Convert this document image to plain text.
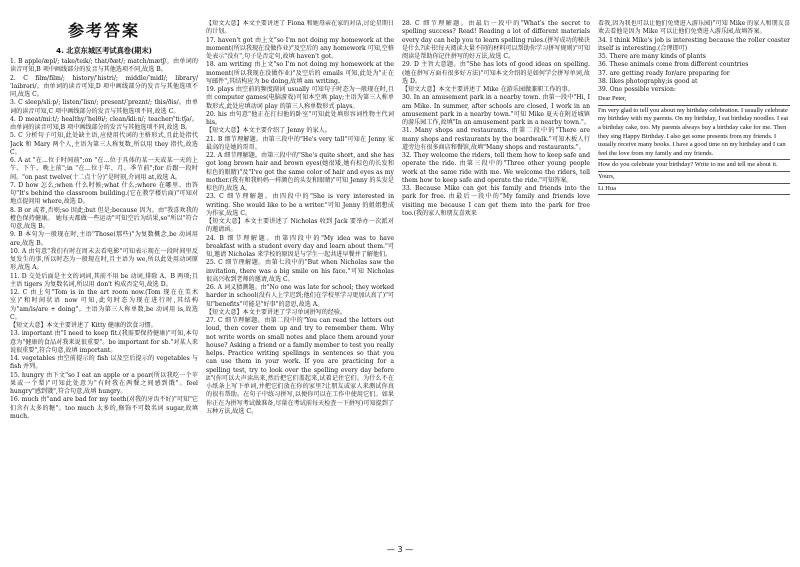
参考答案
4. 北京东城区考试真卷(期末)

1. B apple/æpl/; take/teik/; that/ðæt/; match/mætʃ/。由单词的读音可知,B 项中画线部分的发音与其他选项不同,故选 B。

2. C film/film/; history/ˈhistri/; middle/ˈmidl/; library/ˈlaibrəri/。由单词的读音可知,D 项中画线部分的发音与其他选项不同,故选 C。

3. C sleep/sliːp/; listen/ˈlisn/; present/ˈpreznt/; this/ðis/。由单词的读音可知,C 项中画线部分的发音与其他选项不同,故选 C。

4. D meat/miːt/; healthy/ˈhelθi/; clean/kliːn/; teacher/ˈtiːtʃə/。由单词的读音可知,B 项中画线部分的发音与其他选项不同,故选 B。

5. C 分析句子可知,此处缺主语,应使用代词的主格形式,且此处指代 Jack 和 Mary 两个人,主语为第三人称复数,所以用 they 指代,故选 C。

6. A at "在...位于时间前";on "在...位于具体的某一天或某一天的上午、下午、晚上前";in "在...位于年、月、季节前";for 后跟一段时间。"on past twelve(十二点十分)"是时刻,介词用 at,故选 A。

7. D how 怎么;when 什么时候;what 什么;where 在哪里。由答句"It's behind the classroom building.(它在教学楼后面)"可知对地点提问用 where,故选 D。

8. B or 或者,否则;so 因此;but 但是;because 因为。由"我喜欢我的橙色保持健康。 她每天都做一些运动"可知空后为结果,so"所以"符合句意,故选 B。

9. B 本句为一般现在时,主语"Those(那些)"为复数概念,be 动词用 are,故选 B。

10. A 由句意"我们有时在周末去看电影"可知表示现在一段时间里反复发生的事,所以时态为一般现在时,且主语为 we,所以此处用动词原形,故选 A。

11. D 交处后面是主文的词词,其前不用 be 动词,排除 A、B 两项;且主语 tigers 为复数名词,所以用 don't 构成否定句,故选 D。

12. C 由上句"Tom is in the art room now.(Tom 现在在美术室)"和时间状语 now 可知,此句时态为现在进行时,其结构为"am/is/are + doing"。主语为第三人称单数,be 动词用 is,故选 C。

【短文大意】本文主要讲述了 Kitty 健康的饮食习惯。

13. important 由"I need to keep fit.(我需要保持健康)"可知,本句意为"健康的食品对我来说很重要"。be important for sb."对某人来说很重要",符合句意,故填 important。

14. vegetables 由空前提示的 fish 以及空后提示的 vegetables 与 fish 并列。

15. hungry 由下文"so I eat an apple or a pear(所以我吃一个苹果或一个梨)"可知此处意为"有时我在两餐之间感到饿"。feel hungry"感到饿",符合句意,故填 hungry。

16. much 由"and are bad for my teeth(对我的牙齿不好)"可知"它们含有太多的糖"。too much 太多的,修饰不可数名词 sugar,故填 much。

【短文大意】本文主要讲述了 Fiona 和她母亲在家的对话,讨论星期日的计划。

17. haven't got 由上文"so I'm not doing my homework at the moment(所以我现在没做作业)"及空后的 any homework 可知,空格处表示"没有",句子是否定句,故填 haven't got。

18. am writing 由上文"so I'm not doing my homework at the moment(所以我现在没做作业)"及空后的 emails 可知,此处为"正在写邮件",其结构应为 be doing,故填 am writing。

19. plays 由空前的频度副词 usually 可知句子时态为一般现在时,且由 computer games(电脑游戏)可知本空填 play;主语为第三人称单数形式,此处应填动词 play 的第三人称单数形式 plays。

20. his 由句意"他正在打扫他的卧室"可知此处填形容词性物主代词 his。

【短文大意】本文主要介绍了 Jenny 的家人。

21. B 细节理解题。由第三段中的"He's very tall"可知在 Jenny 家最高的是她的哥哥。

22. A 细节理解题。由第三段中的"She's quite short, and she has got long brown hair and brown eyes(她很矮,她有棕色的长发和棕色的眼睛)"及"I've got the same color of hair and eyes as my mother.(我有和我妈妈一样颜色的头发和眼睛)"可知 Jenny 的头发是棕色的,故选 A。

23. C 细节理解题。由四段中的"She is very interested in writing. She would like to be a writer."可知 Jenny 的姐姐想成为作家,故选 C。

【短文大意】本文主要讲述了 Nicholas 收到 Jack 要举办一次派对的邀请函。

24. B 细节理解题。由第四段中的"My idea was to have breakfast with a student every day and learn about them."可知,邀请 Nicholas 来学校的原因是与学生一起共进早餐并了解他们。

25. C 细节理解题。由第七段中的"But when Nicholas saw the invitation, there was a big smile on his face."可知 Nicholas 很高兴收到老师的邀请,故选 C。

26. A 词义猜测题。由"No one was late for school; they worked harder in school(没有人上学迟到;他们在学校里学习更加认真了)"可知"benefits"可能是"好事"的意思,故选 A。

【短文大意】本文主要讲述了学习单词拼写的经验。

27. C 细节理解题。由第二段中的"You can read the letters out loud, then cover them up and try to remember them. Why not write words on small notes and place them around your house? Asking a friend or a family member to test you really helps. Practice writing spellings in sentences so that you can use them in your work. If you are practicing for a spelling test, try to look over the spelling every day before it"(你可以大声读出来,然后把它们盖起来,试着记住它们。为什么不在小纸条上写下单词,并把它们放在你的家里?让朋友或家人来测试你真的很有帮助。在句子中练习拼写,以便你可以在工作中使用它们。如果你正在为拼写考试做准备,尽量在考试前每天检查一下拼写)可知提到了五种方法,故选 C。

28. C 细节理解题。由最后一段中的"What's the secret to spelling success? Read! Reading a lot of different materials every day can help you to learn spelling rules.(拼写成功的秘诀是什么?读书!每天阅读大量不同的材料可以帮助你学习拼写规则)"可知阅读是帮助你记住拼写的好方法,故选 C。

29. D 主旨大意题。由"She has lots of good ideas on spelling.(她在拼写方面有很多好方法)"可知本文介绍的是如何学会拼写单词,故选 D。

【短文大意】本文主要讲述了 Mike 在游乐园做兼职工作的事。

30. In an amusement park in a nearby town. 由第一段中"Hi, I am Mike. In summer, after schools are closed, I work in an amusement park in a nearby town."可知 Mike 夏天在附近城镇的游乐园工作,故填"In an amusement park in a nearby town."。

31. Many shops and restaurants. 由第二段中的"There are many shops and restaurants by the boardwalk."可知木板人行道旁边有很多商店和餐馆,故填"Many shops and restaurants."。

32. They welcome the riders, tell them how to keep safe and operate the ride. 由第三段中的"Three other young people work at the same ride with me. We welcome the riders, tell them how to keep safe and operate the ride."可知答案。

33. Because Mike can get his family and friends into the park for free. 由最后一段中的"My family and friends love visiting me because I can get them into the park for free too.(我的家人和朋友喜欢来

看我,因为我也可以让他们免费进入游乐园)"可知 Mike 的家人和朋友喜欢去看他是因为 Mike 可以让他们免费进入游乐园,故填答案。

34. I think Mike's job is interesting because the roller coaster itself is interesting.(合理即可)

35. There are many kinds of plants

36. These animals come from different countries

37. are getting ready for/are preparing for

38. likes photography;is good at

39. One possible version:

Dear Peter,
I'm very glad to tell you about my birthday celebration. I usually celebrate my birthday with my parents. On my birthday, I eat birthday noodles. I eat a birthday cake, too. My parents always buy a birthday cake for me. Then they sing Happy Birthday. I also get some presents from my friends. I usually receive many books. I have a good time on my birthday and I can feel the love from my family and my friends.
How do you celebrate your birthday? Write to me and tell me about it.
Yours,
Li Hua
— 3 —
